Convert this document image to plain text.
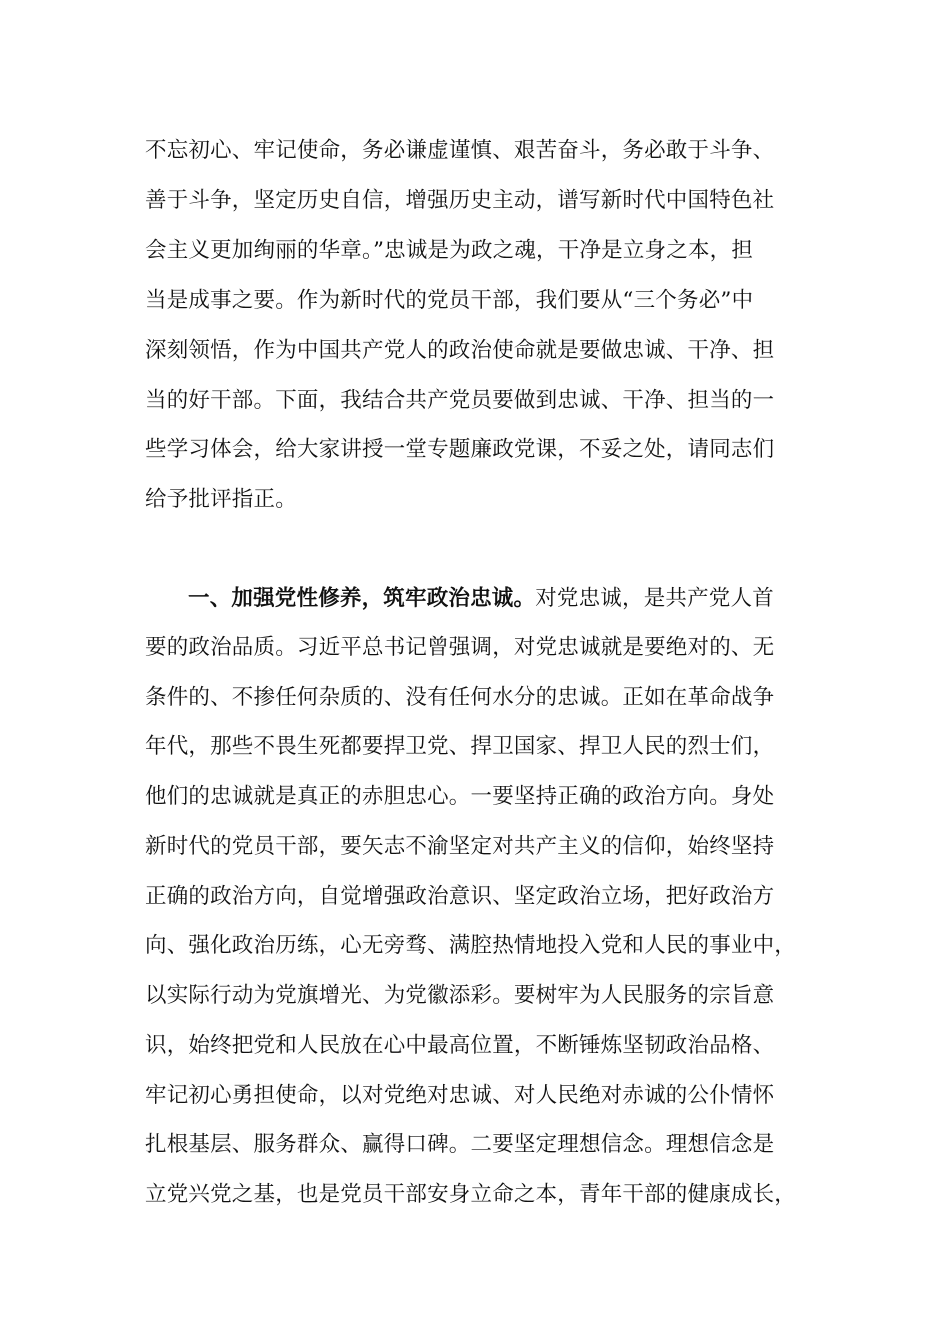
不忘初心、牢记使命，务必谦虚谨慎、艰苦奋斗，务必敢于斗争、
善于斗争，坚定历史自信，增强历史主动，谱写新时代中国特色社
会主义更加绚丽的华章。”忠诚是为政之魂，干净是立身之本，担
当是成事之要。作为新时代的党员干部，我们要从“三个务必”中
深刻领悟，作为中国共产党人的政治使命就是要做忠诚、干净、担
当的好干部。下面，我结合共产党员要做到忠诚、干净、担当的一
些学习体会，给大家讲授一堂专题廉政党课，不妥之处，请同志们
给予批评指正。
一、加强党性修养，筑牢政治忠诚。对党忠诚，是共产党人首
要的政治品质。习近平总书记曾强调，对党忠诚就是要绝对的、无
条件的、不掺任何杂质的、没有任何水分的忠诚。正如在革命战争
年代，那些不畏生死都要捍卫党、捍卫国家、捍卫人民的烈士们，
他们的忠诚就是真正的赤胆忠心。一要坚持正确的政治方向。身处
新时代的党员干部，要矢志不渝坚定对共产主义的信仰，始终坚持
正确的政治方向，自觉增强政治意识、坚定政治立场，把好政治方
向、强化政治历练，心无旁骛、满腔热情地投入党和人民的事业中，
以实际行动为党旗增光、为党徽添彩。要树牢为人民服务的宗旨意
识，始终把党和人民放在心中最高位置，不断锤炼坚韧政治品格、
牢记初心勇担使命，以对党绝对忠诚、对人民绝对赤诚的公仆情怀
扎根基层、服务群众、赢得口碑。二要坚定理想信念。理想信念是
立党兴党之基，也是党员干部安身立命之本，青年干部的健康成长，
